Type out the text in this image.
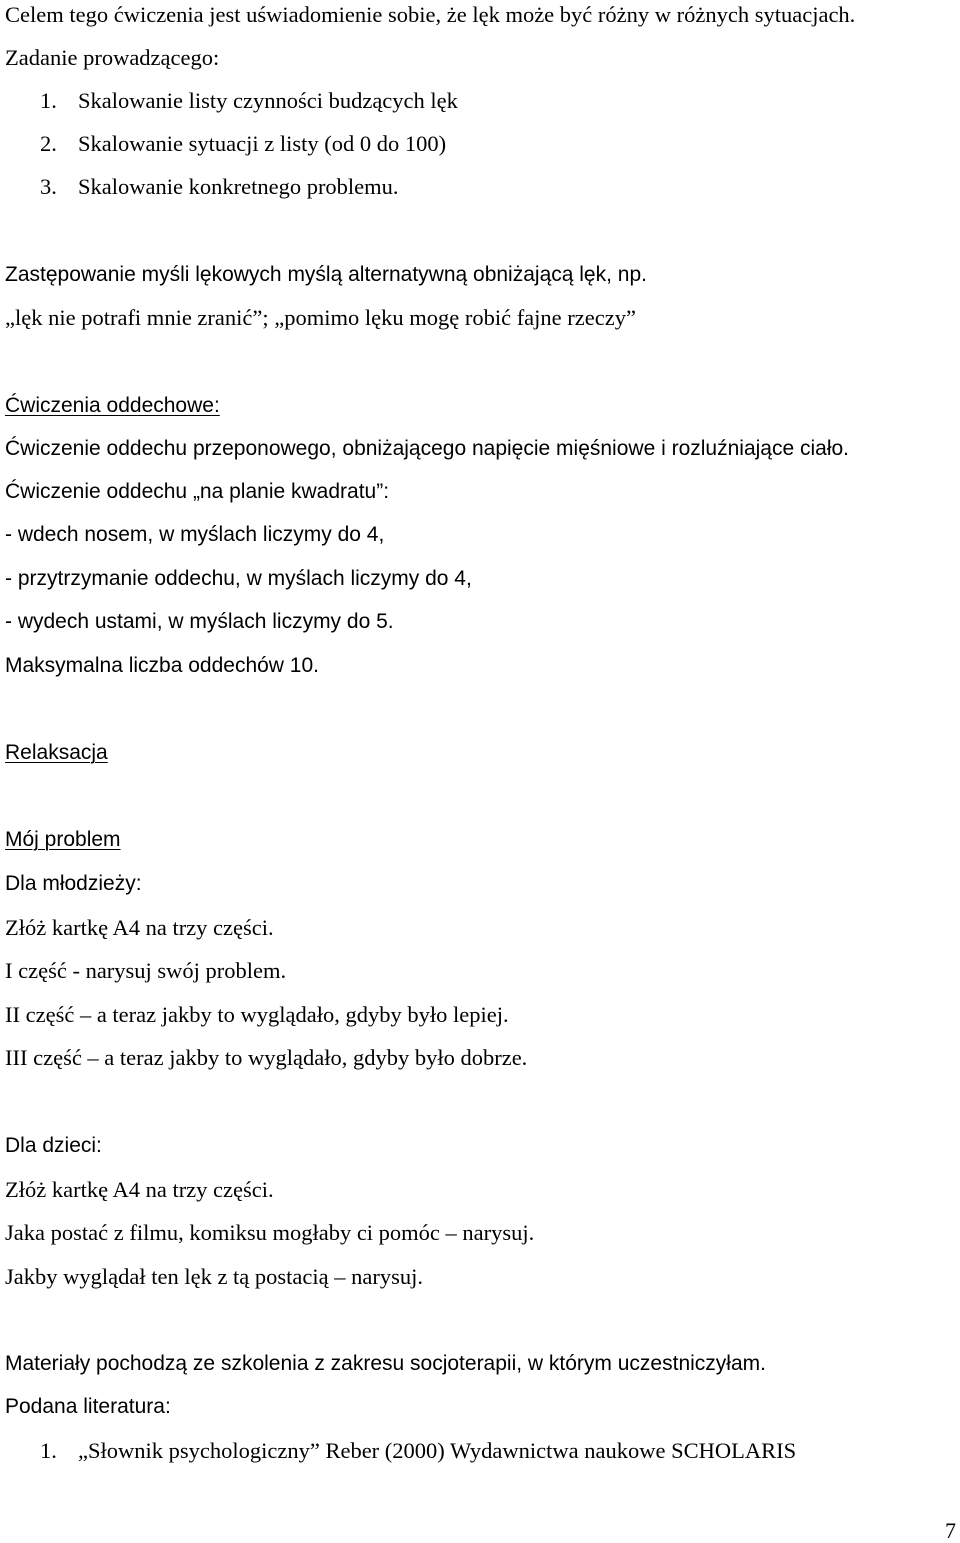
Celem tego ćwiczenia jest uświadomienie sobie, że lęk może być różny w różnych sytuacjach.
Zadanie prowadzącego:
1. Skalowanie listy czynności budzących lęk
2. Skalowanie sytuacji z listy (od 0 do 100)
3. Skalowanie konkretnego problemu.
Zastępowanie myśli lękowych myślą alternatywną obniżającą lęk, np.
„lęk nie potrafi mnie zranić”; „pomimo lęku mogę robić fajne rzeczy”
Ćwiczenia oddechowe:
Ćwiczenie oddechu przeponowego, obniżającego napięcie mięśniowe i rozluźniające ciało.
Ćwiczenie oddechu „na planie kwadratu”:
- wdech nosem, w myślach liczymy do 4,
- przytrzymanie oddechu, w myślach liczymy do 4,
- wydech ustami, w myślach liczymy do 5.
Maksymalna liczba oddechów 10.
Relaksacja
Mój problem
Dla młodzieży:
Złóż kartkę A4 na trzy części.
I część - narysuj swój problem.
II część – a teraz jakby to wyglądało, gdyby było lepiej.
III część – a teraz jakby to wyglądało, gdyby było dobrze.
Dla dzieci:
Złóż kartkę A4 na trzy części.
Jaka postać z filmu, komiksu mogłaby ci pomóc – narysuj.
Jakby wyglądał ten lęk z tą postacią – narysuj.
Materiały pochodzą ze szkolenia z zakresu socjoterapii, w którym uczestniczyłam.
Podana literatura:
1. „Słownik psychologiczny” Reber (2000) Wydawnictwa naukowe SCHOLARIS
7
